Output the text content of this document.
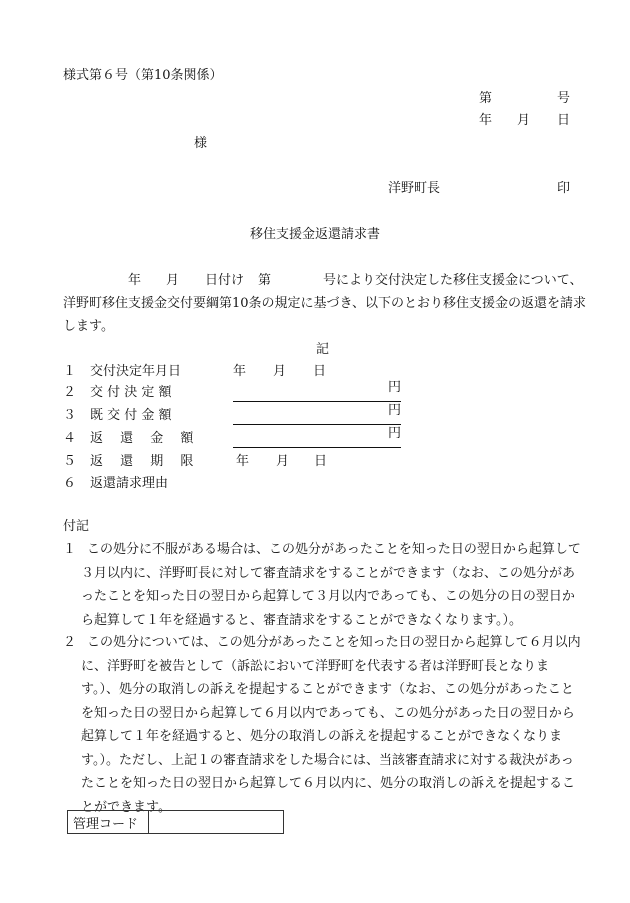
様式第６号（第10条関係）
第	号
年 月 日
様
洋野町長	印
移住支援金返還請求書
年 月 日付け 第	号により交付決定した移住支援金について、
洋野町移住支援金交付要綱第10条の規定に基づき、以下のとおり移住支援金の返還を請求
します。
記
１ 交付決定年月日	年 月 日
２ 交 付 決 定 額	円
３ 既 交 付 金 額	円
４ 返　 還　 金　 額	円
５ 返　 還　 期　 限	年 月 日
６ 返還請求理由
付記
１ この処分に不服がある場合は、この処分があったことを知った日の翌日から起算して３月以内に、洋野町長に対して審査請求をすることができます（なお、この処分があったことを知った日の翌日から起算して３月以内であっても、この処分の日の翌日から起算して１年を経過すると、審査請求をすることができなくなります。）。
２ この処分については、この処分があったことを知った日の翌日から起算して６月以内に、洋野町を被告として（訴訟において洋野町を代表する者は洋野町長となります。）、処分の取消しの訴えを提起することができます（なお、この処分があったことを知った日の翌日から起算して６月以内であっても、この処分があった日の翌日から起算して１年を経過すると、処分の取消しの訴えを提起することができなくなります。）。ただし、上記１の審査請求をした場合には、当該審査請求に対する裁決があったことを知った日の翌日から起算して６月以内に、処分の取消しの訴えを提起することができます。
管理コード	
